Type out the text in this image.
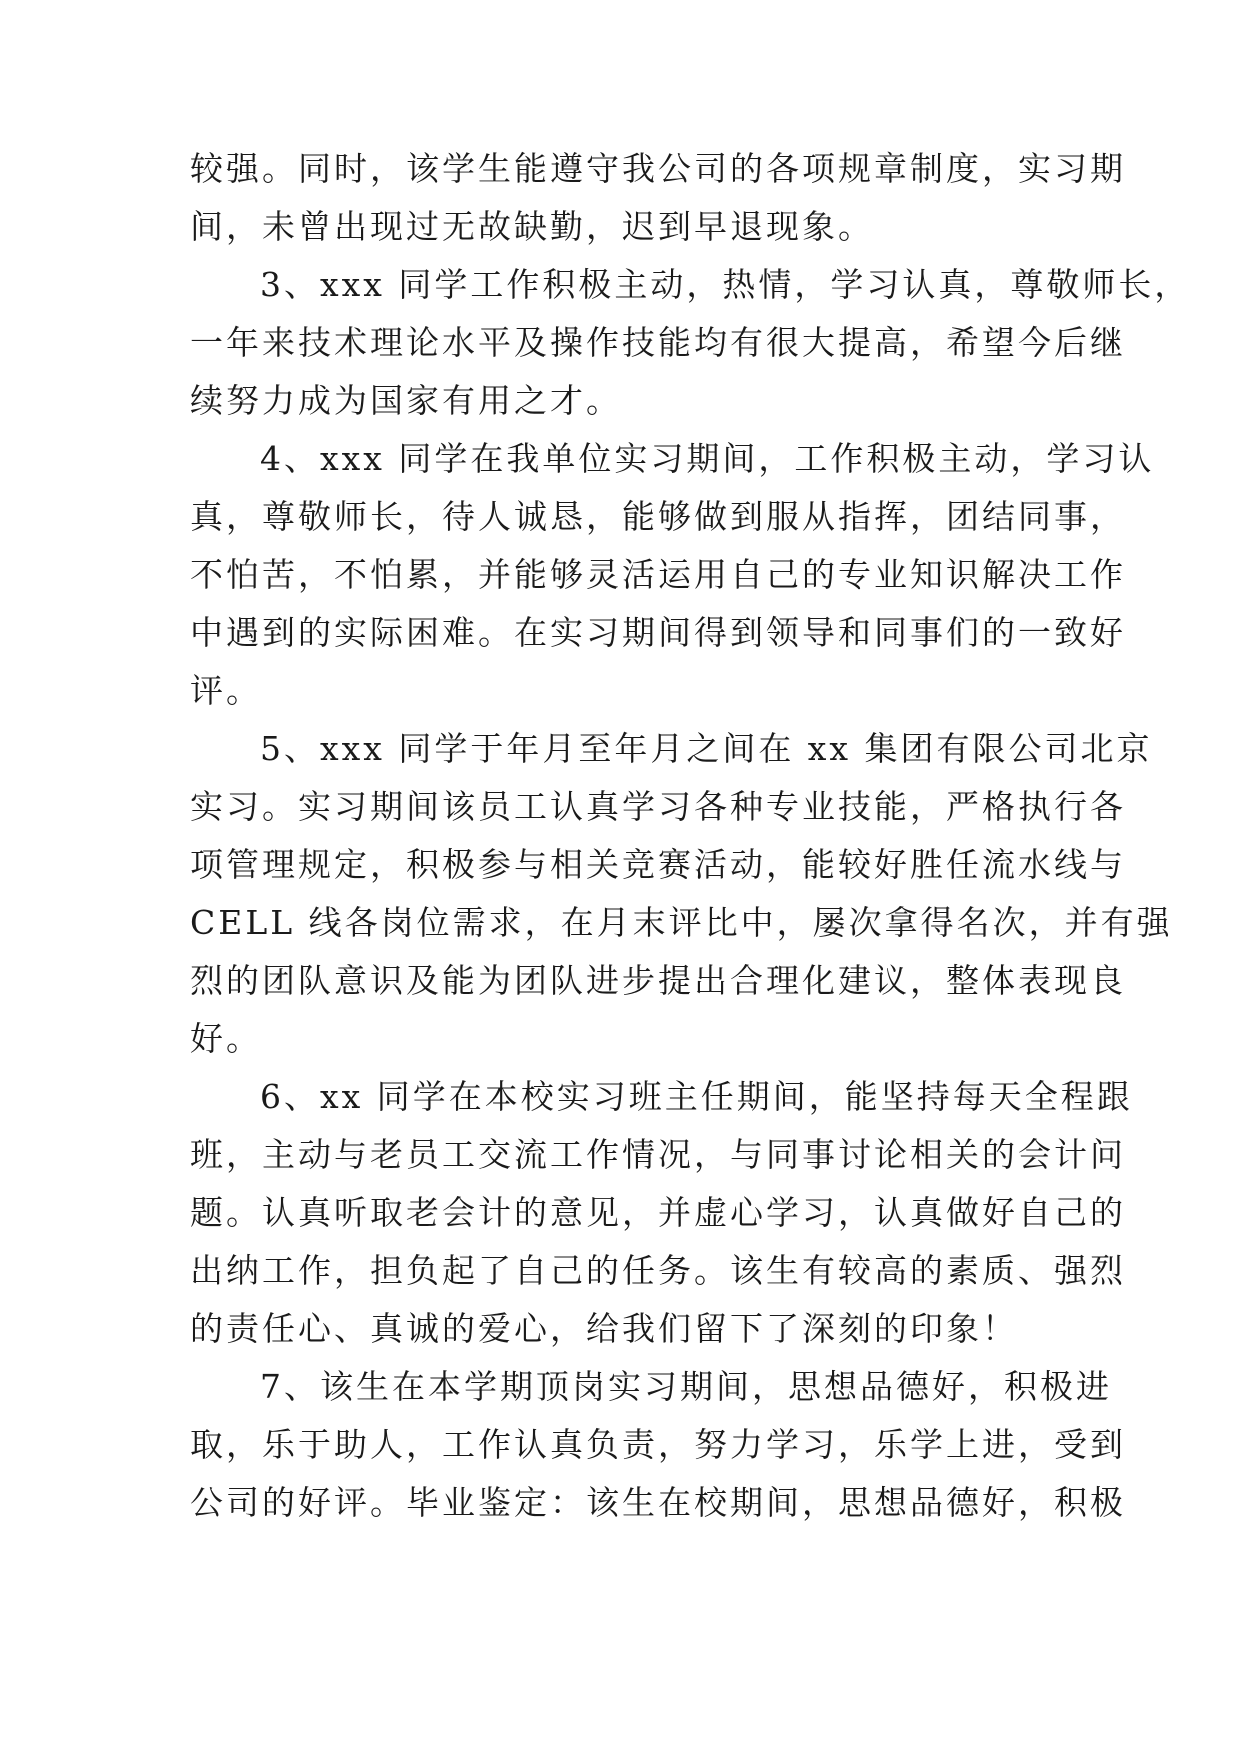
较强。同时，该学生能遵守我公司的各项规章制度，实习期
间，未曾出现过无故缺勤，迟到早退现象。
3、xxx 同学工作积极主动，热情，学习认真，尊敬师长，
一年来技术理论水平及操作技能均有很大提高，希望今后继
续努力成为国家有用之才。
4、xxx 同学在我单位实习期间，工作积极主动，学习认
真，尊敬师长，待人诚恳，能够做到服从指挥，团结同事，
不怕苦，不怕累，并能够灵活运用自己的专业知识解决工作
中遇到的实际困难。在实习期间得到领导和同事们的一致好
评。
5、xxx 同学于年月至年月之间在 xx 集团有限公司北京
实习。实习期间该员工认真学习各种专业技能，严格执行各
项管理规定，积极参与相关竞赛活动，能较好胜任流水线与
CELL 线各岗位需求，在月末评比中，屡次拿得名次，并有强
烈的团队意识及能为团队进步提出合理化建议，整体表现良
好。
6、xx 同学在本校实习班主任期间，能坚持每天全程跟
班，主动与老员工交流工作情况，与同事讨论相关的会计问
题。认真听取老会计的意见，并虚心学习，认真做好自己的
出纳工作，担负起了自己的任务。该生有较高的素质、强烈
的责任心、真诚的爱心，给我们留下了深刻的印象！
7、该生在本学期顶岗实习期间，思想品德好，积极进
取，乐于助人，工作认真负责，努力学习，乐学上进，受到
公司的好评。毕业鉴定：该生在校期间，思想品德好，积极
